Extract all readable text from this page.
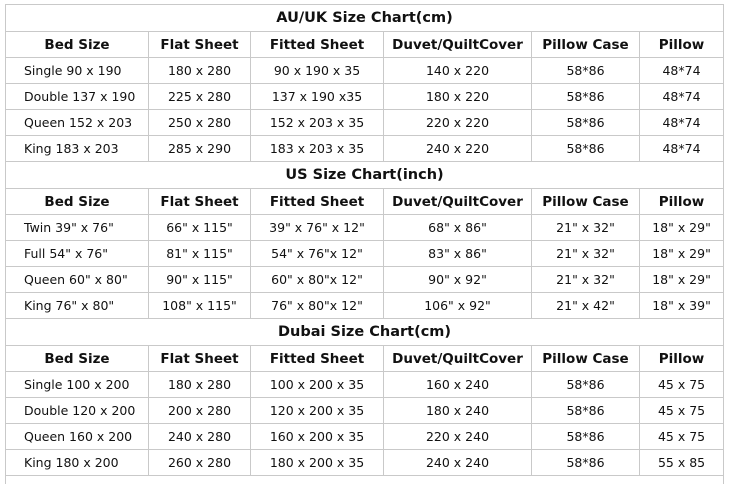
AU/UK Size Chart(cm)					
Bed Size	Flat Sheet	Fitted Sheet	Duvet/QuiltCover	Pillow Case	Pillow
Single 90 x 190	180 x 280	90 x 190 x 35	140 x 220	58*86	48*74
Double 137 x 190	225 x 280	137 x 190 x35	180 x 220	58*86	48*74
Queen 152 x 203	250 x 280	152 x 203 x 35	220 x 220	58*86	48*74
King 183 x 203	285 x 290	183 x 203 x 35	240 x 220	58*86	48*74
US Size Chart(inch)					
Bed Size	Flat Sheet	Fitted Sheet	Duvet/QuiltCover	Pillow Case	Pillow
Twin 39" x 76"	66" x 115"	39" x 76" x 12"	68" x 86"	21" x 32"	18" x 29"
Full 54" x 76"	81" x 115"	54" x 76"x 12"	83" x 86"	21" x 32"	18" x 29"
Queen 60" x 80"	90" x 115"	60" x 80"x 12"	90" x 92"	21" x 32"	18" x 29"
King 76" x 80"	108" x 115"	76" x 80"x 12"	106" x 92"	21" x 42"	18" x 39"
Dubai Size Chart(cm)					
Bed Size	Flat Sheet	Fitted Sheet	Duvet/QuiltCover	Pillow Case	Pillow
Single 100 x 200	180 x 280	100 x 200 x 35	160 x 240	58*86	45 x 75
Double 120 x 200	200 x 280	120 x 200 x 35	180 x 240	58*86	45 x 75
Queen 160 x 200	240 x 280	160 x 200 x 35	220 x 240	58*86	45 x 75
King 180 x 200	260 x 280	180 x 200 x 35	240 x 240	58*86	55 x 85
